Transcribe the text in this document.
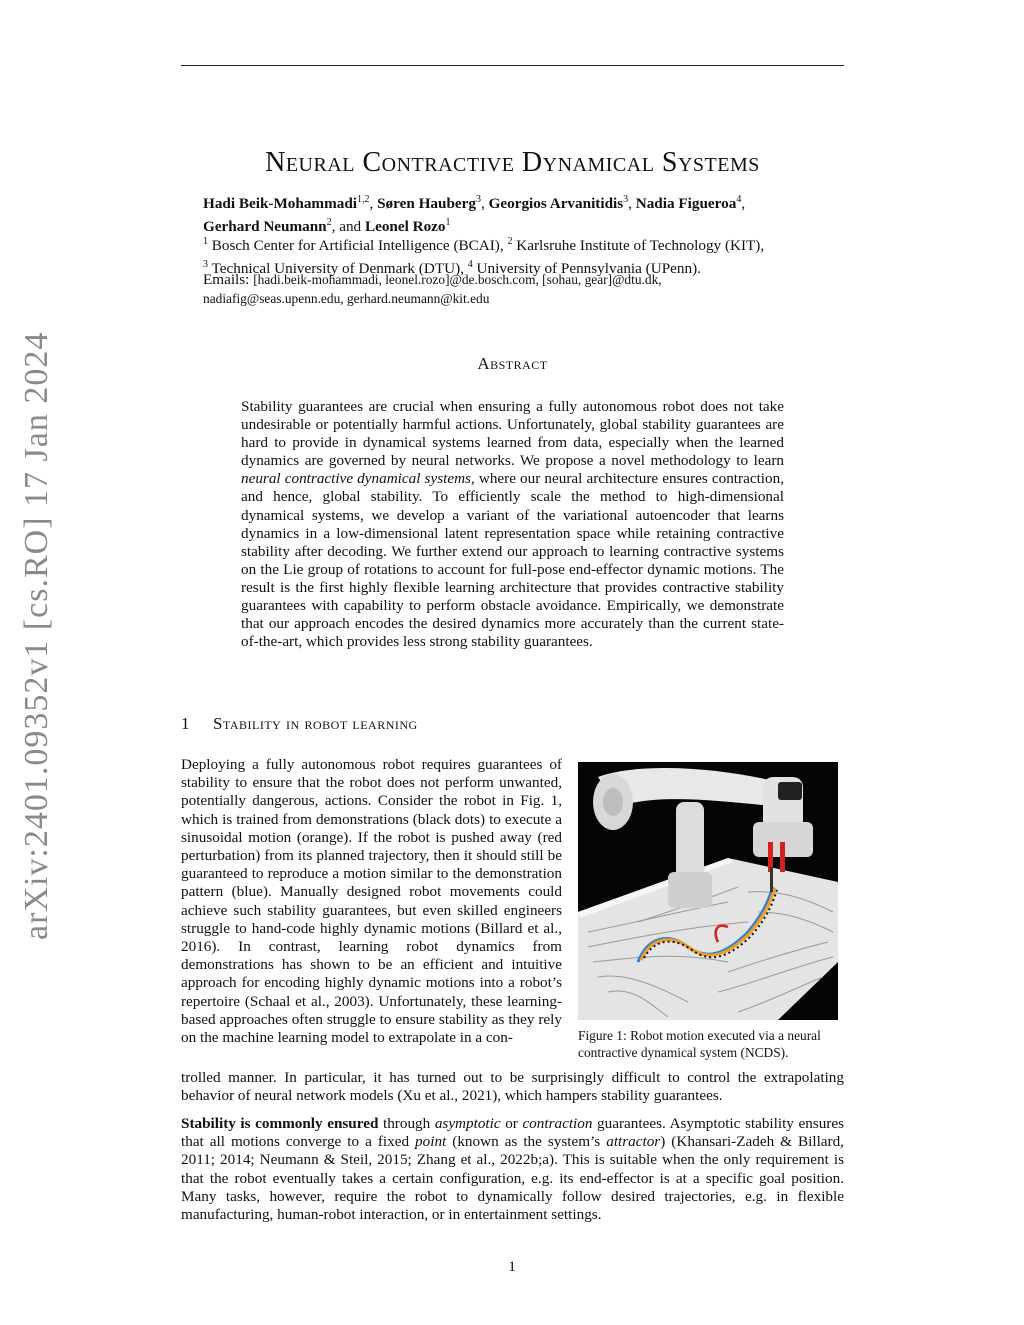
arXiv:2401.09352v1 [cs.RO] 17 Jan 2024
Neural Contractive Dynamical Systems
Hadi Beik-Mohammadi$^{1,2}$, Søren Hauberg$^3$, Georgios Arvanitidis$^3$, Nadia Figueroa$^4$,
Gerhard Neumann$^2$, and Leonel Rozo$^1$
$^1$ Bosch Center for Artificial Intelligence (BCAI), $^2$ Karlsruhe Institute of Technology (KIT),
$^3$ Technical University of Denmark (DTU), $^4$ University of Pennsylvania (UPenn).
Emails: [hadi.beik-mohammadi, leonel.rozo]@de.bosch.com, [sohau, gear]@dtu.dk,
nadiafig@seas.upenn.edu, gerhard.neumann@kit.edu
Abstract

Stability guarantees are crucial when ensuring a fully autonomous robot does not take undesirable or potentially harmful actions. Unfortunately, global stability guarantees are hard to provide in dynamical systems learned from data, especially when the learned dynamics are governed by neural networks. We propose a novel methodology to learn neural contractive dynamical systems, where our neural architecture ensures contraction, and hence, global stability. To efficiently scale the method to high-dimensional dynamical systems, we develop a variant of the variational autoencoder that learns dynamics in a low-dimensional latent representation space while retaining contractive stability after decoding. We further extend our approach to learning contractive systems on the Lie group of rotations to account for full-pose end-effector dynamic motions. The result is the first highly flexible learning architecture that provides contractive stability guarantees with capability to perform obstacle avoidance. Empirically, we demonstrate that our approach encodes the desired dynamics more accurately than the current state-of-the-art, which provides less strong stability guarantees.

1 Stability in robot learning

Deploying a fully autonomous robot requires guarantees of stability to ensure that the robot does not perform unwanted, potentially dangerous, actions. Consider the robot in Fig. 1, which is trained from demonstrations (black dots) to execute a sinusoidal motion (orange). If the robot is pushed away (red perturbation) from its planned trajectory, then it should still be guaranteed to reproduce a motion similar to the demonstration pattern (blue). Manually designed robot movements could achieve such stability guarantees, but even skilled engineers struggle to hand-code highly dynamic motions (Billard et al., 2016). In contrast, learning robot dynamics from demonstrations has shown to be an efficient and intuitive approach for encoding highly dynamic motions into a robot’s repertoire (Schaal et al., 2003). Unfortunately, these learning-based approaches often struggle to ensure stability as they rely on the machine learning model to extrapolate in a con-	Figure 1: Robot motion executed via a neural contractive dynamical system (NCDS).

trolled manner. In particular, it has turned out to be surprisingly difficult to control the extrapolating behavior of neural network models (Xu et al., 2021), which hampers stability guarantees.

Stability is commonly ensured through asymptotic or contraction guarantees. Asymptotic stability ensures that all motions converge to a fixed point (known as the system’s attractor) (Khansari-Zadeh & Billard, 2011; 2014; Neumann & Steil, 2015; Zhang et al., 2022b;a). This is suitable when the only requirement is that the robot eventually takes a certain configuration, e.g. its end-effector is at a specific goal position. Many tasks, however, require the robot to dynamically follow desired trajectories, e.g. in flexible manufacturing, human-robot interaction, or in entertainment settings.

1
